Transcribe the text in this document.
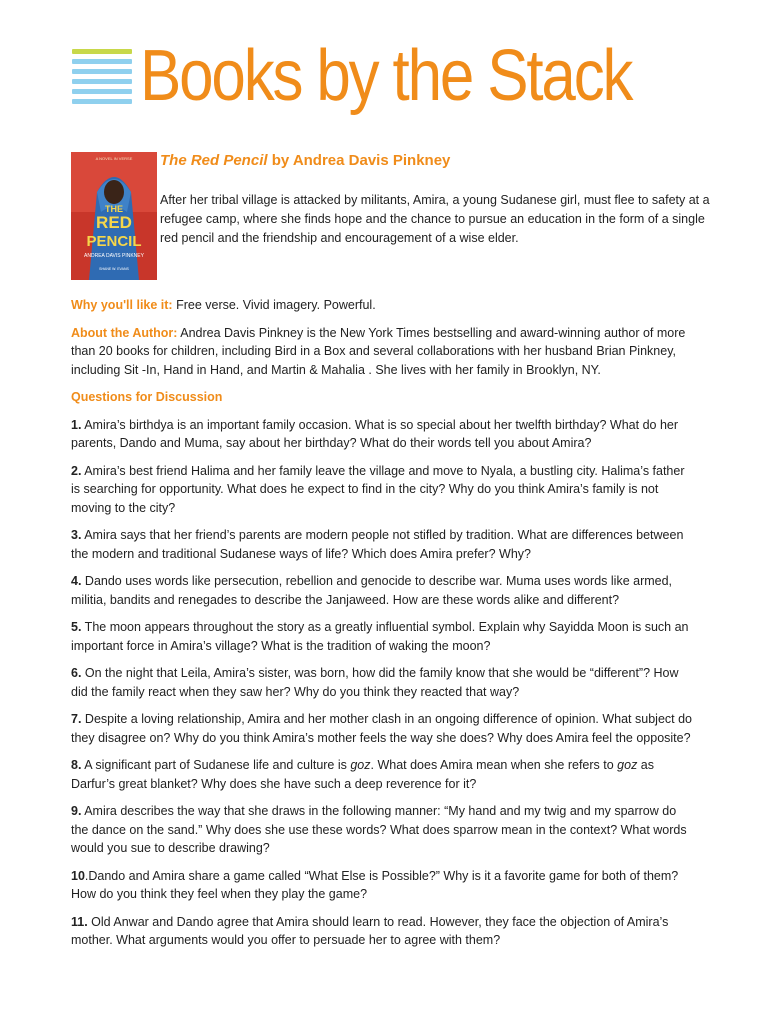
Books by the Stack
A NOVEL IN VERSE
THE
RED
PENCIL
ANDREA DAVIS PINKNEY
SHANE W. EVANS
The Red Pencil by Andrea Davis Pinkney
After her tribal village is attacked by militants, Amira, a young Sudanese girl, must flee to safety at a refugee camp, where she finds hope and the chance to pursue an education in the form of a single red pencil and the friendship and encouragement of a wise elder.

Why you'll like it: Free verse. Vivid imagery. Powerful.

About the Author: Andrea Davis Pinkney is the New York Times bestselling and award-winning author of more than 20 books for children, including Bird in a Box and several collaborations with her husband Brian Pinkney, including Sit -In, Hand in Hand, and Martin & Mahalia . She lives with her family in Brooklyn, NY.

Questions for Discussion

1. Amira’s birthdya is an important family occasion. What is so special about her twelfth birthday? What do her parents, Dando and Muma, say about her birthday? What do their words tell you about Amira?

2. Amira’s best friend Halima and her family leave the village and move to Nyala, a bustling city. Halima’s father is searching for opportunity. What does he expect to find in the city? Why do you think Amira’s family is not moving to the city?

3. Amira says that her friend’s parents are modern people not stifled by tradition. What are differences between the modern and traditional Sudanese ways of life? Which does Amira prefer? Why?

4. Dando uses words like persecution, rebellion and genocide to describe war. Muma uses words like armed, militia, bandits and renegades to describe the Janjaweed. How are these words alike and different?

5. The moon appears throughout the story as a greatly influential symbol. Explain why Sayidda Moon is such an important force in Amira’s village? What is the tradition of waking the moon?

6. On the night that Leila, Amira’s sister, was born, how did the family know that she would be “different”? How did the family react when they saw her? Why do you think they reacted that way?

7. Despite a loving relationship, Amira and her mother clash in an ongoing difference of opinion. What subject do they disagree on? Why do you think Amira’s mother feels the way she does? Why does Amira feel the opposite?

8. A significant part of Sudanese life and culture is goz. What does Amira mean when she refers to goz as Darfur’s great blanket? Why does she have such a deep reverence for it?

9. Amira describes the way that she draws in the following manner: “My hand and my twig and my sparrow do the dance on the sand.” Why does she use these words? What does sparrow mean in the context? What words would you sue to describe drawing?

10.Dando and Amira share a game called “What Else is Possible?” Why is it a favorite game for both of them? How do you think they feel when they play the game?

11. Old Anwar and Dando agree that Amira should learn to read. However, they face the objection of Amira’s mother. What arguments would you offer to persuade her to agree with them?
